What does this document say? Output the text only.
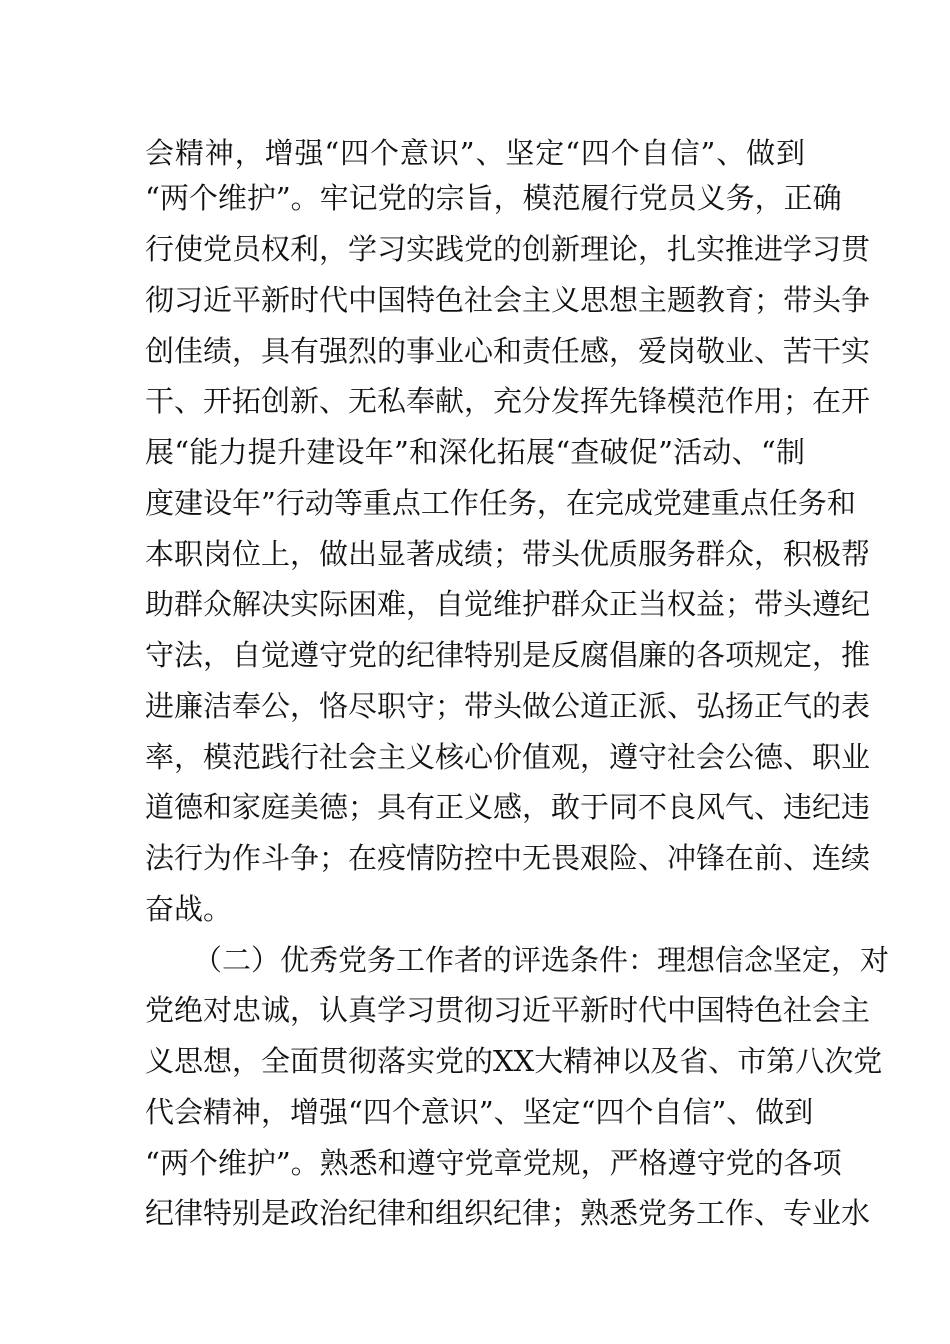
会精神，增强“四个意识”、坚定“四个自信”、做到
“两个维护”。牢记党的宗旨，模范履行党员义务，正确
行使党员权利，学习实践党的创新理论，扎实推进学习贯
彻习近平新时代中国特色社会主义思想主题教育；带头争
创佳绩，具有强烈的事业心和责任感，爱岗敬业、苦干实
干、开拓创新、无私奉献，充分发挥先锋模范作用；在开
展“能力提升建设年”和深化拓展“查破促”活动、“制
度建设年”行动等重点工作任务，在完成党建重点任务和
本职岗位上，做出显著成绩；带头优质服务群众，积极帮
助群众解决实际困难，自觉维护群众正当权益；带头遵纪
守法，自觉遵守党的纪律特别是反腐倡廉的各项规定，推
进廉洁奉公，恪尽职守；带头做公道正派、弘扬正气的表
率，模范践行社会主义核心价值观，遵守社会公德、职业
道德和家庭美德；具有正义感，敢于同不良风气、违纪违
法行为作斗争；在疫情防控中无畏艰险、冲锋在前、连续
奋战。
（二）优秀党务工作者的评选条件：理想信念坚定，对
党绝对忠诚，认真学习贯彻习近平新时代中国特色社会主
义思想，全面贯彻落实党的XX大精神以及省、市第八次党
代会精神，增强“四个意识”、坚定“四个自信”、做到
“两个维护”。熟悉和遵守党章党规，严格遵守党的各项
纪律特别是政治纪律和组织纪律；熟悉党务工作、专业水
